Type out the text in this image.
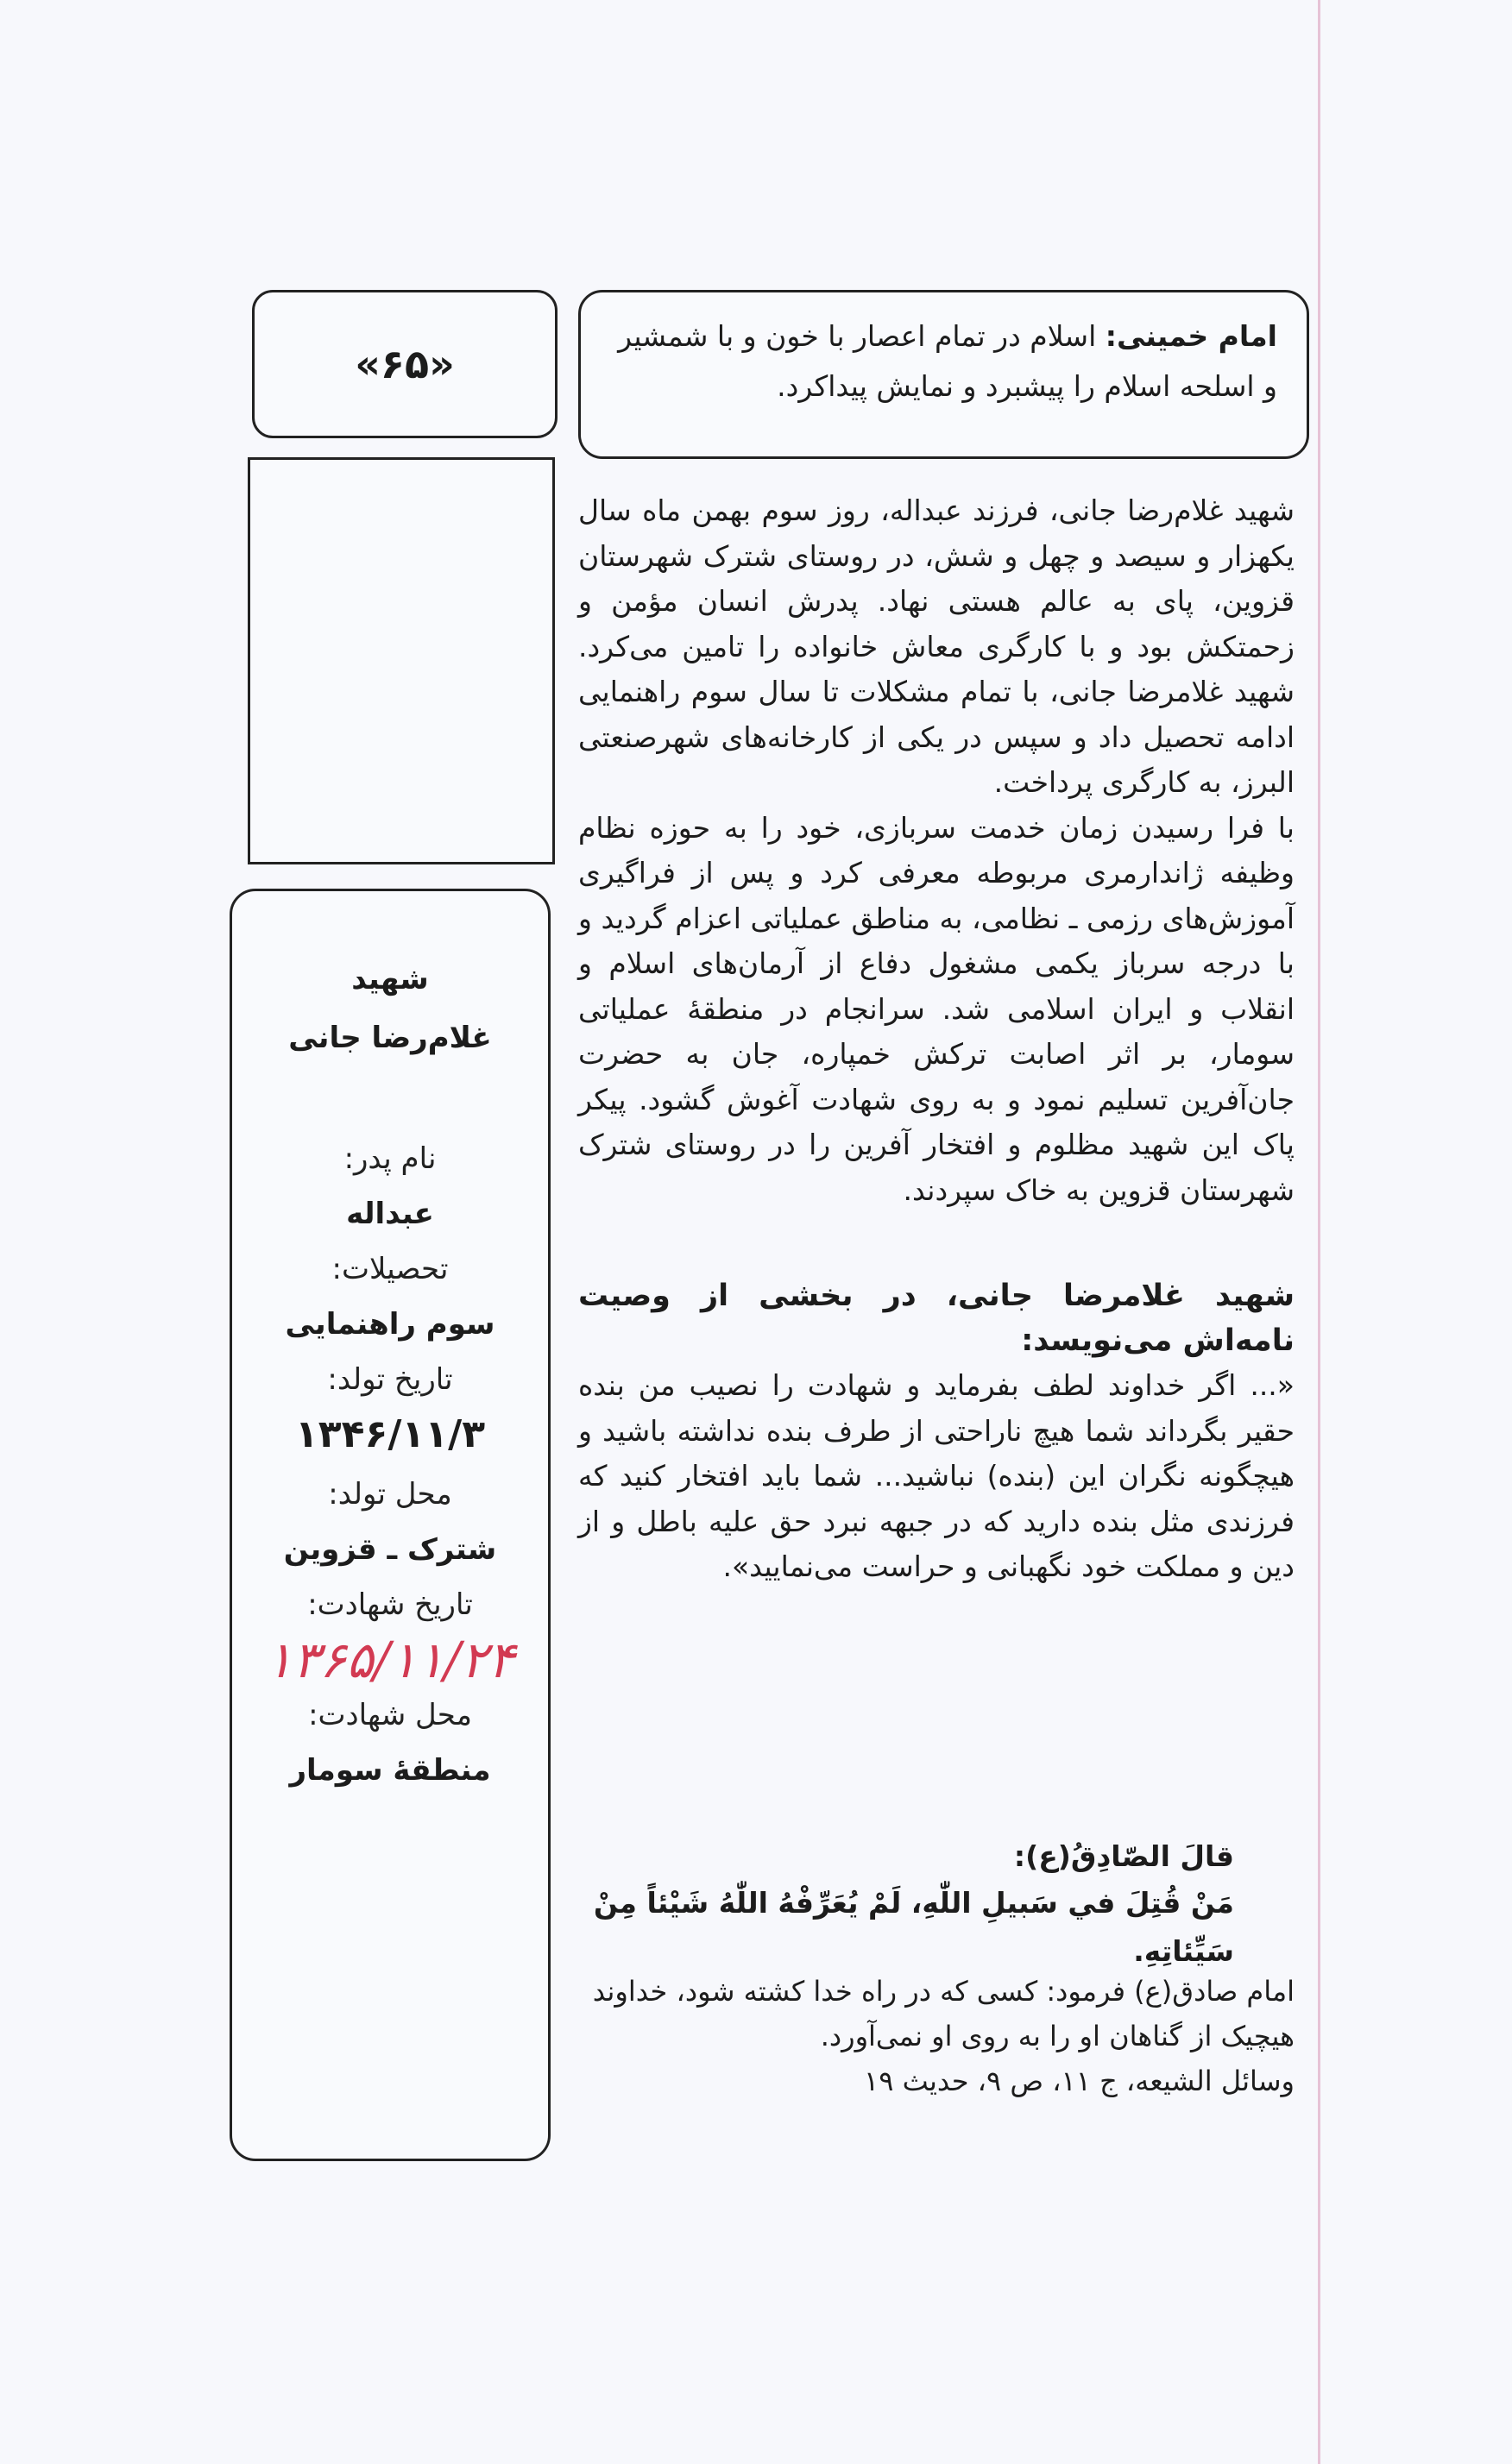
امام خمینی: اسلام در تمام اعصار با خون و با شمشیر و اسلحه اسلام را پیشبرد و نمایش پیداکرد.

«۶۵»
شهید
غلام‌رضا جانی
نام پدر:
عبداله
تحصیلات:
سوم راهنمایی
تاریخ تولد:
۱۳۴۶/۱۱/۳
محل تولد:
شترک ـ قزوین
تاریخ شهادت:
۱۳۶۵/۱۱/۲۴
محل شهادت:
منطقهٔ سومار

شهید غلام‌رضا جانی، فرزند عبداله، روز سوم بهمن ماه سال یکهزار و سیصد و چهل و شش، در روستای شترک شهرستان قزوین، پای به عالم هستی نهاد. پدرش انسان مؤمن و زحمتکش بود و با کارگری معاش خانواده را تامین می‌کرد. شهید غلامرضا جانی، با تمام مشکلات تا سال سوم راهنمایی ادامه تحصیل داد و سپس در یکی از کارخانه‌های شهرصنعتی البرز، به کارگری پرداخت.

با فرا رسیدن زمان خدمت سربازی، خود را به حوزه نظام وظیفه ژاندارمری مربوطه معرفی کرد و پس از فراگیری آموزش‌های رزمی ـ نظامی، به مناطق عملیاتی اعزام گردید و با درجه سرباز یکمی مشغول دفاع از آرمان‌های اسلام و انقلاب و ایران اسلامی شد. سرانجام در منطقهٔ عملیاتی سومار، بر اثر اصابت ترکش خمپاره، جان به حضرت جان‌آفرین تسلیم نمود و به روی شهادت آغوش گشود. پیکر پاک این شهید مظلوم و افتخار آفرین را در روستای شترک شهرستان قزوین به خاک سپردند.

شهید غلامرضا جانی، در بخشی از وصیت نامه‌اش می‌نویسد:

«... اگر خداوند لطف بفرماید و شهادت را نصیب من بنده حقیر بگرداند شما هیچ ناراحتی از طرف بنده نداشته باشید و هیچگونه نگران این (بنده) نباشید... شما باید افتخار کنید که فرزندی مثل بنده دارید که در جبهه نبرد حق علیه باطل و از دین و مملکت خود نگهبانی و حراست می‌نمایید».

قالَ الصّادِقُ(ع):
مَنْ قُتِلَ في سَبيلِ اللّٰهِ، لَمْ يُعَرِّفْهُ اللّٰهُ شَيْئاً مِنْ سَيِّئاتِهِ.

امام صادق(ع) فرمود: کسی که در راه خدا کشته شود، خداوند هیچیک از گناهان او را به روی او نمی‌آورد.

وسائل الشیعه، ج ۱۱، ص ۹، حدیث ۱۹
